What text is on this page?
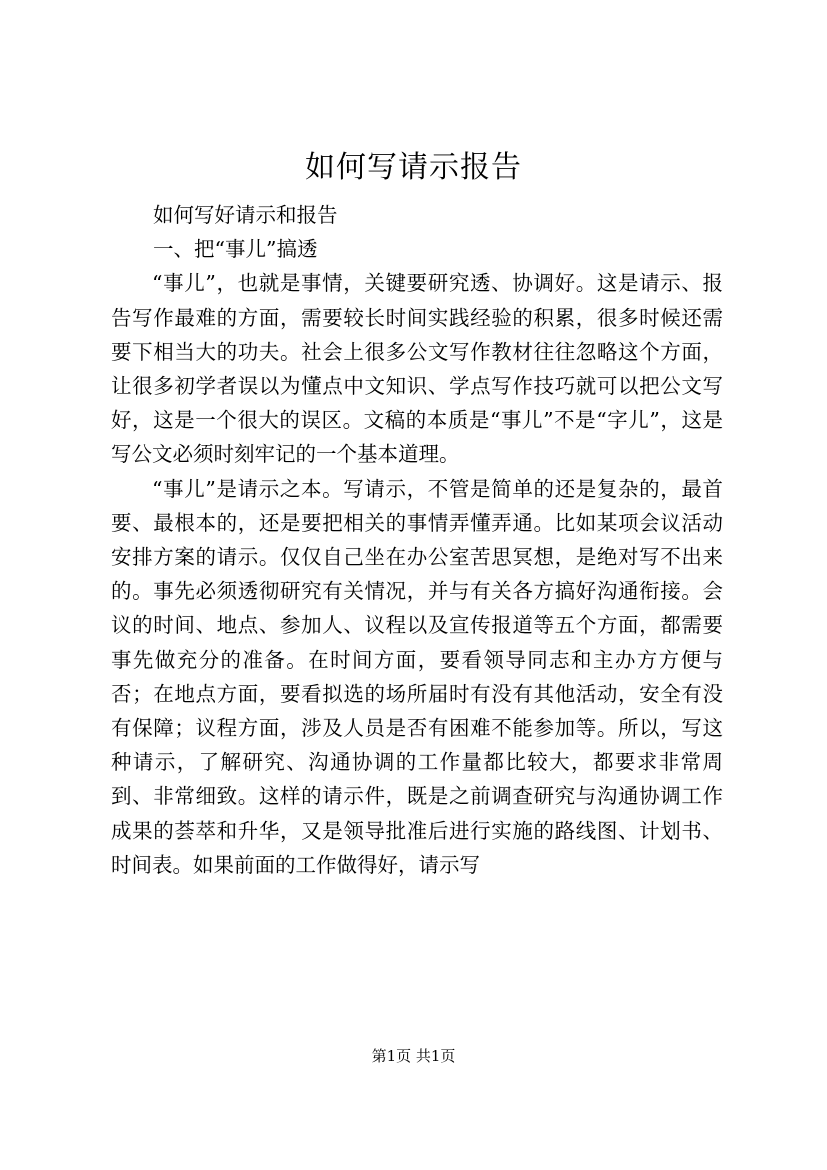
如何写请示报告
如何写好请示和报告
一、把“事儿”搞透

“事儿”，也就是事情，关键要研究透、协调好。这是请示、报告写作最难的方面，需要较长时间实践经验的积累，很多时候还需要下相当大的功夫。社会上很多公文写作教材往往忽略这个方面，让很多初学者误以为懂点中文知识、学点写作技巧就可以把公文写好，这是一个很大的误区。文稿的本质是“事儿”不是“字儿”，这是写公文必须时刻牢记的一个基本道理。

“事儿”是请示之本。写请示，不管是简单的还是复杂的，最首要、最根本的，还是要把相关的事情弄懂弄通。比如某项会议活动安排方案的请示。仅仅自己坐在办公室苦思冥想，是绝对写不出来的。事先必须透彻研究有关情况，并与有关各方搞好沟通衔接。会议的时间、地点、参加人、议程以及宣传报道等五个方面，都需要事先做充分的准备。在时间方面，要看领导同志和主办方方便与否；在地点方面，要看拟选的场所届时有没有其他活动，安全有没有保障；议程方面，涉及人员是否有困难不能参加等。所以，写这种请示，了解研究、沟通协调的工作量都比较大，都要求非常周到、非常细致。这样的请示件，既是之前调查研究与沟通协调工作成果的荟萃和升华，又是领导批准后进行实施的路线图、计划书、时间表。如果前面的工作做得好，请示写

第1页 共1页
